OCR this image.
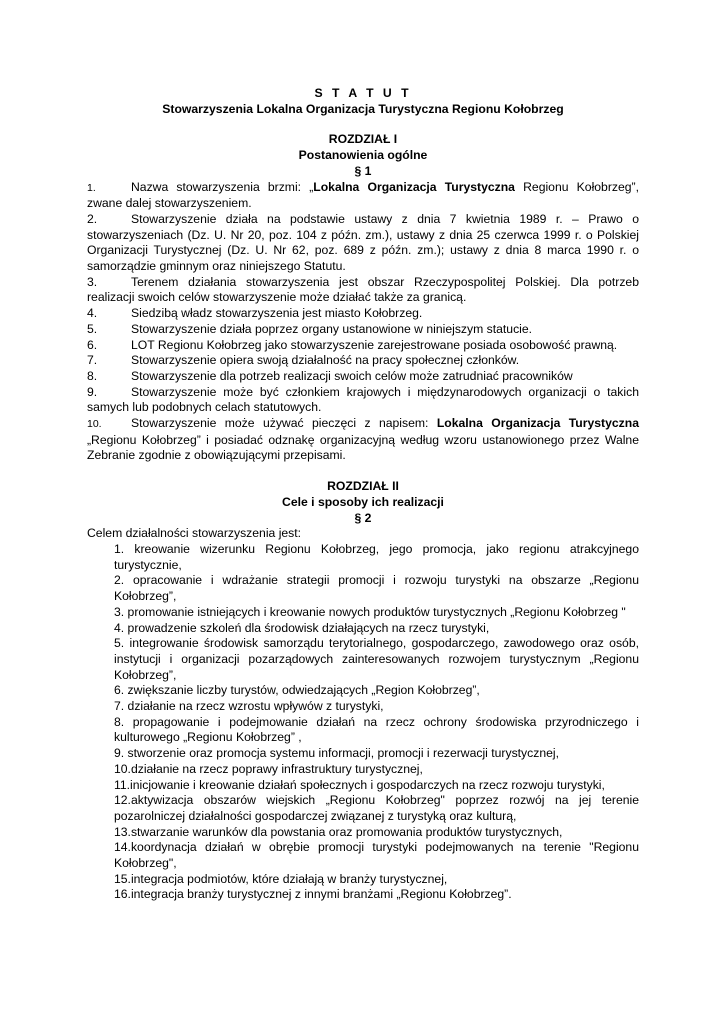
S T A T U T
Stowarzyszenia Lokalna Organizacja Turystyczna Regionu Kołobrzeg
ROZDZIAŁ I
Postanowienia ogólne
§ 1
1.	Nazwa stowarzyszenia brzmi: „Lokalna Organizacja Turystyczna Regionu Kołobrzeg”, zwane dalej stowarzyszeniem.
2.	Stowarzyszenie działa na podstawie ustawy z dnia 7 kwietnia 1989 r. – Prawo o stowarzyszeniach (Dz. U. Nr 20, poz. 104 z późn. zm.), ustawy z dnia 25 czerwca 1999 r. o Polskiej Organizacji Turystycznej (Dz. U. Nr 62, poz. 689 z późn. zm.); ustawy z dnia 8 marca 1990 r. o samorządzie gminnym oraz niniejszego Statutu.
3.	Terenem działania stowarzyszenia jest obszar Rzeczypospolitej Polskiej. Dla potrzeb realizacji swoich celów stowarzyszenie może działać także za granicą.
4.	Siedzibą władz stowarzyszenia jest miasto Kołobrzeg.
5.	Stowarzyszenie działa poprzez organy ustanowione w niniejszym statucie.
6.	LOT Regionu Kołobrzeg jako stowarzyszenie zarejestrowane posiada osobowość prawną.
7.	Stowarzyszenie opiera swoją działalność na pracy społecznej członków.
8.	Stowarzyszenie dla potrzeb realizacji swoich celów może zatrudniać pracowników
9.	Stowarzyszenie może być członkiem krajowych i międzynarodowych organizacji o takich samych lub podobnych celach statutowych.
10. Stowarzyszenie może używać pieczęci z napisem: Lokalna Organizacja Turystyczna „Regionu Kołobrzeg” i posiadać odznakę organizacyjną według wzoru ustanowionego przez Walne Zebranie zgodnie z obowiązującymi przepisami.
ROZDZIAŁ II
Cele i sposoby ich realizacji
§ 2
Celem działalności stowarzyszenia jest:
1. kreowanie wizerunku Regionu Kołobrzeg, jego promocja, jako regionu atrakcyjnego turystycznie,
2. opracowanie i wdrażanie strategii promocji i rozwoju turystyki na obszarze „Regionu Kołobrzeg”,
3. promowanie istniejących i kreowanie nowych produktów turystycznych „Regionu Kołobrzeg "
4. prowadzenie szkoleń dla środowisk działających na rzecz turystyki,
5. integrowanie środowisk samorządu terytorialnego, gospodarczego, zawodowego oraz osób, instytucji i organizacji pozarządowych zainteresowanych rozwojem turystycznym „Regionu Kołobrzeg”,
6. zwiększanie liczby turystów, odwiedzających „Region Kołobrzeg”,
7. działanie na rzecz wzrostu wpływów z turystyki,
8. propagowanie i podejmowanie działań na rzecz ochrony środowiska przyrodniczego i kulturowego „Regionu Kołobrzeg” ,
9. stworzenie oraz promocja systemu informacji, promocji i rezerwacji turystycznej,
10.działanie na rzecz poprawy infrastruktury turystycznej,
11.inicjowanie i kreowanie działań społecznych i gospodarczych na rzecz rozwoju turystyki,
12.aktywizacja obszarów wiejskich „Regionu Kołobrzeg" poprzez rozwój na jej terenie pozarolniczej działalności gospodarczej związanej z turystyką oraz kulturą,
13.stwarzanie warunków dla powstania oraz promowania produktów turystycznych,
14.koordynacja działań w obrębie promocji turystyki podejmowanych na terenie "Regionu Kołobrzeg",
15.integracja podmiotów, które działają w branży turystycznej,
16.integracja branży turystycznej z innymi branżami „Regionu Kołobrzeg”.
